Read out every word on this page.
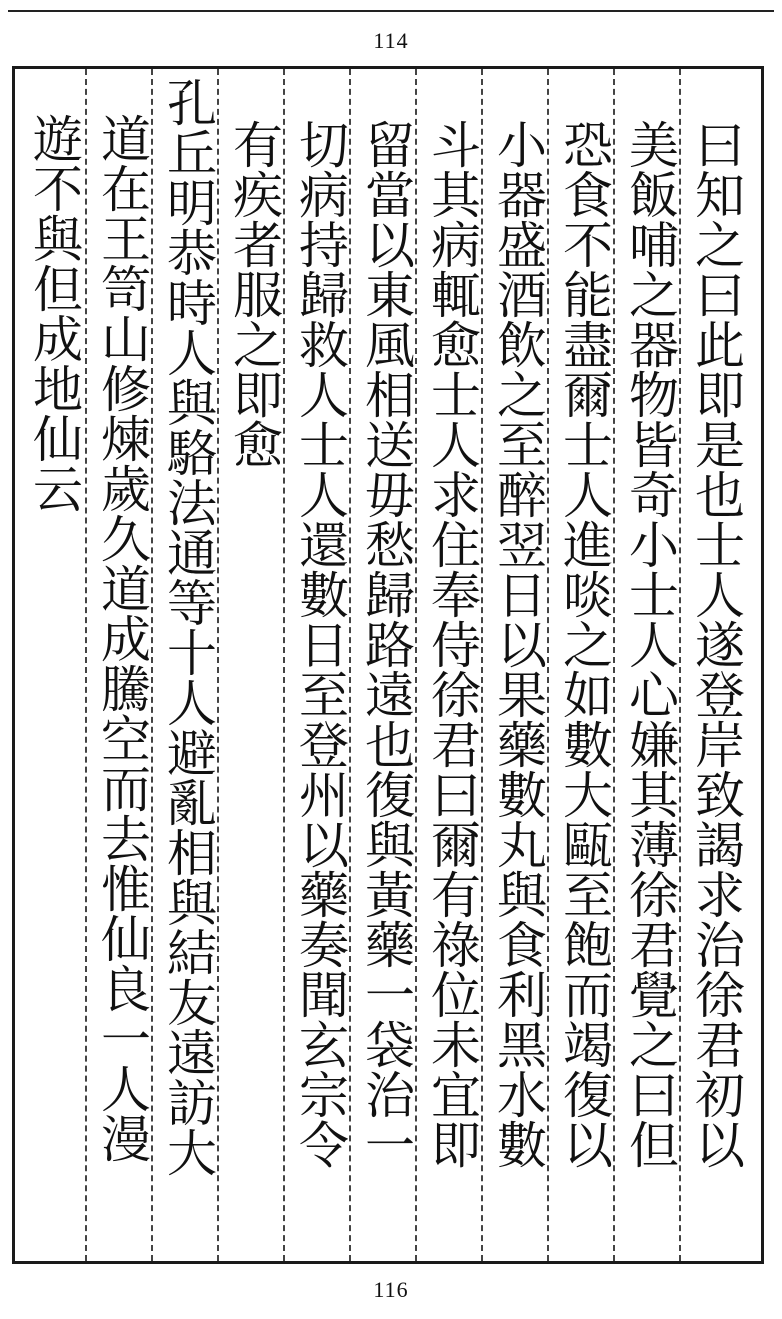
114
曰知之曰此即是也士人遂登岸致謁求治徐君初以
美飯哺之器物皆奇小士人心嫌其薄徐君覺之曰但
恐食不能盡爾士人進啖之如數大甌至飽而竭復以
小器盛酒飲之至醉翌日以果藥數丸與食利黑水數
斗其病輒愈士人求住奉侍徐君曰爾有祿位未宜即
留當以東風相送毋愁歸路遠也復與黃藥一袋治一
切病持歸救人士人還數日至登州以藥奏聞玄宗令
有疾者服之即愈
孔丘明恭時人與駱法通等十人避亂相與結友遠訪大
道在王笥山修煉歲久道成騰空而去惟仙良一人漫
遊不與但成地仙云
116
